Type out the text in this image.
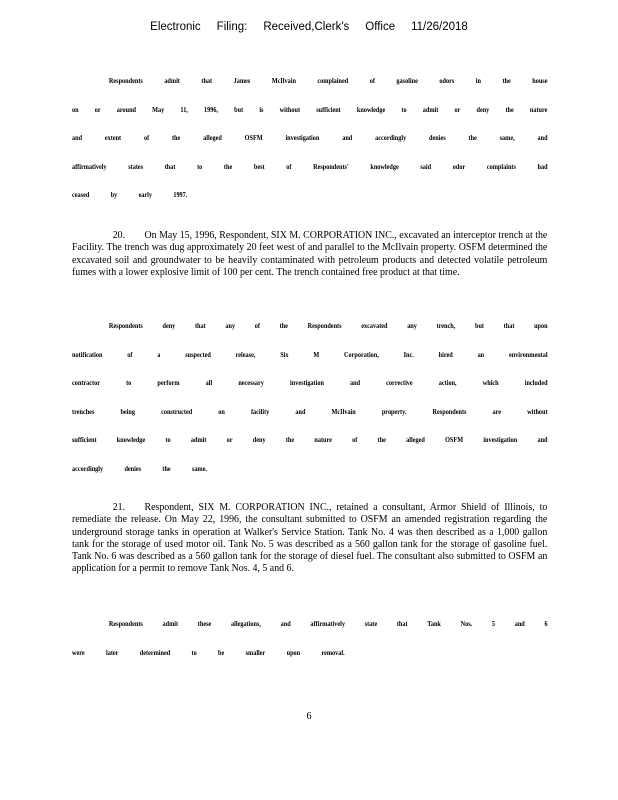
Electronic Filing: Received,Clerk's Office 11/26/2018
Respondents	admit	that	James	McIlvain	complained	of	gasoline	odors	in	the	house
on or around May 11, 1996, but is without sufficient knowledge to admit or deny the nature
and	extent	of	the	alleged	OSFM	investigation	and	accordingly	denies	the	same,	and
affirmatively	states	that	to	the	best	of	Respondents'	knowledge	said	odor	complaints	had
ceased	by	early	1997.
20. On May 15, 1996, Respondent, SIX M. CORPORATION INC., excavated an interceptor trench at the Facility. The trench was dug approximately 20 feet west of and parallel to the McIlvain property. OSFM determined the excavated soil and groundwater to be heavily contaminated with petroleum products and detected volatile petroleum fumes with a lower explosive limit of 100 per cent. The trench contained free product at that time.
Respondents	deny	that	any	of	the	Respondents	excavated	any	trench,	but	that	upon
notification	of	a	suspected	release,	Six	M	Corporation,	Inc.	hired	an	environmental
contractor	to	perform	all	necessary	investigation	and	corrective	action,	which	included
trenches	being	constructed	on	facility	and	McIlvain	property.	Respondents	are	without
sufficient	knowledge	to	admit	or	deny	the	nature	of	the	alleged	OSFM	investigation	and
accordingly	denies	the	same.
21. Respondent, SIX M. CORPORATION INC., retained a consultant, Armor Shield of Illinois, to remediate the release. On May 22, 1996, the consultant submitted to OSFM an amended registration regarding the underground storage tanks in operation at Walker's Service Station. Tank No. 4 was then described as a 1,000 gallon tank for the storage of used motor oil. Tank No. 5 was described as a 560 gallon tank for the storage of gasoline fuel. Tank No. 6 was described as a 560 gallon tank for the storage of diesel fuel. The consultant also submitted to OSFM an application for a permit to remove Tank Nos. 4, 5 and 6.
Respondents	admit	these	allegations,	and	affirmatively	state	that	Tank	Nos.	5	and	6
were	later	determined	to	be	smaller	upon	removal.
6
